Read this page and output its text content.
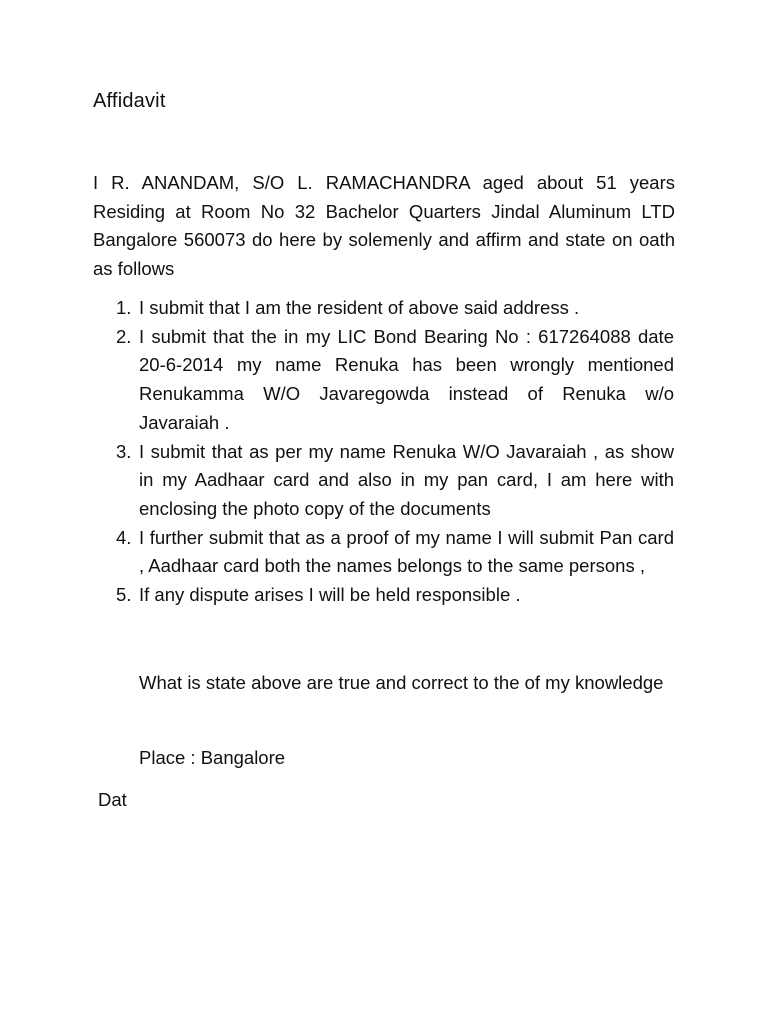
Affidavit

I R. ANANDAM, S/O L. RAMACHANDRA aged about 51 years Residing at Room No 32 Bachelor Quarters Jindal Aluminum LTD Bangalore 560073 do here by solemenly and affirm and state on oath as follows

1. I submit that I am the resident of above said address .
2. I submit that the in my LIC Bond Bearing No : 617264088 date 20-6-2014 my name Renuka has been wrongly mentioned Renukamma W/O Javaregowda instead of Renuka w/o Javaraiah .
3. I submit that as per my name Renuka W/O Javaraiah , as show in my Aadhaar card and also in my pan card, I am here with enclosing the photo copy of the documents
4. I further submit that as a proof of my name I will submit Pan card , Aadhaar card both the names belongs to the same persons ,
5. If any dispute arises I will be held responsible .

What is state above are true and correct to the of my knowledge

Place : Bangalore

Dat
